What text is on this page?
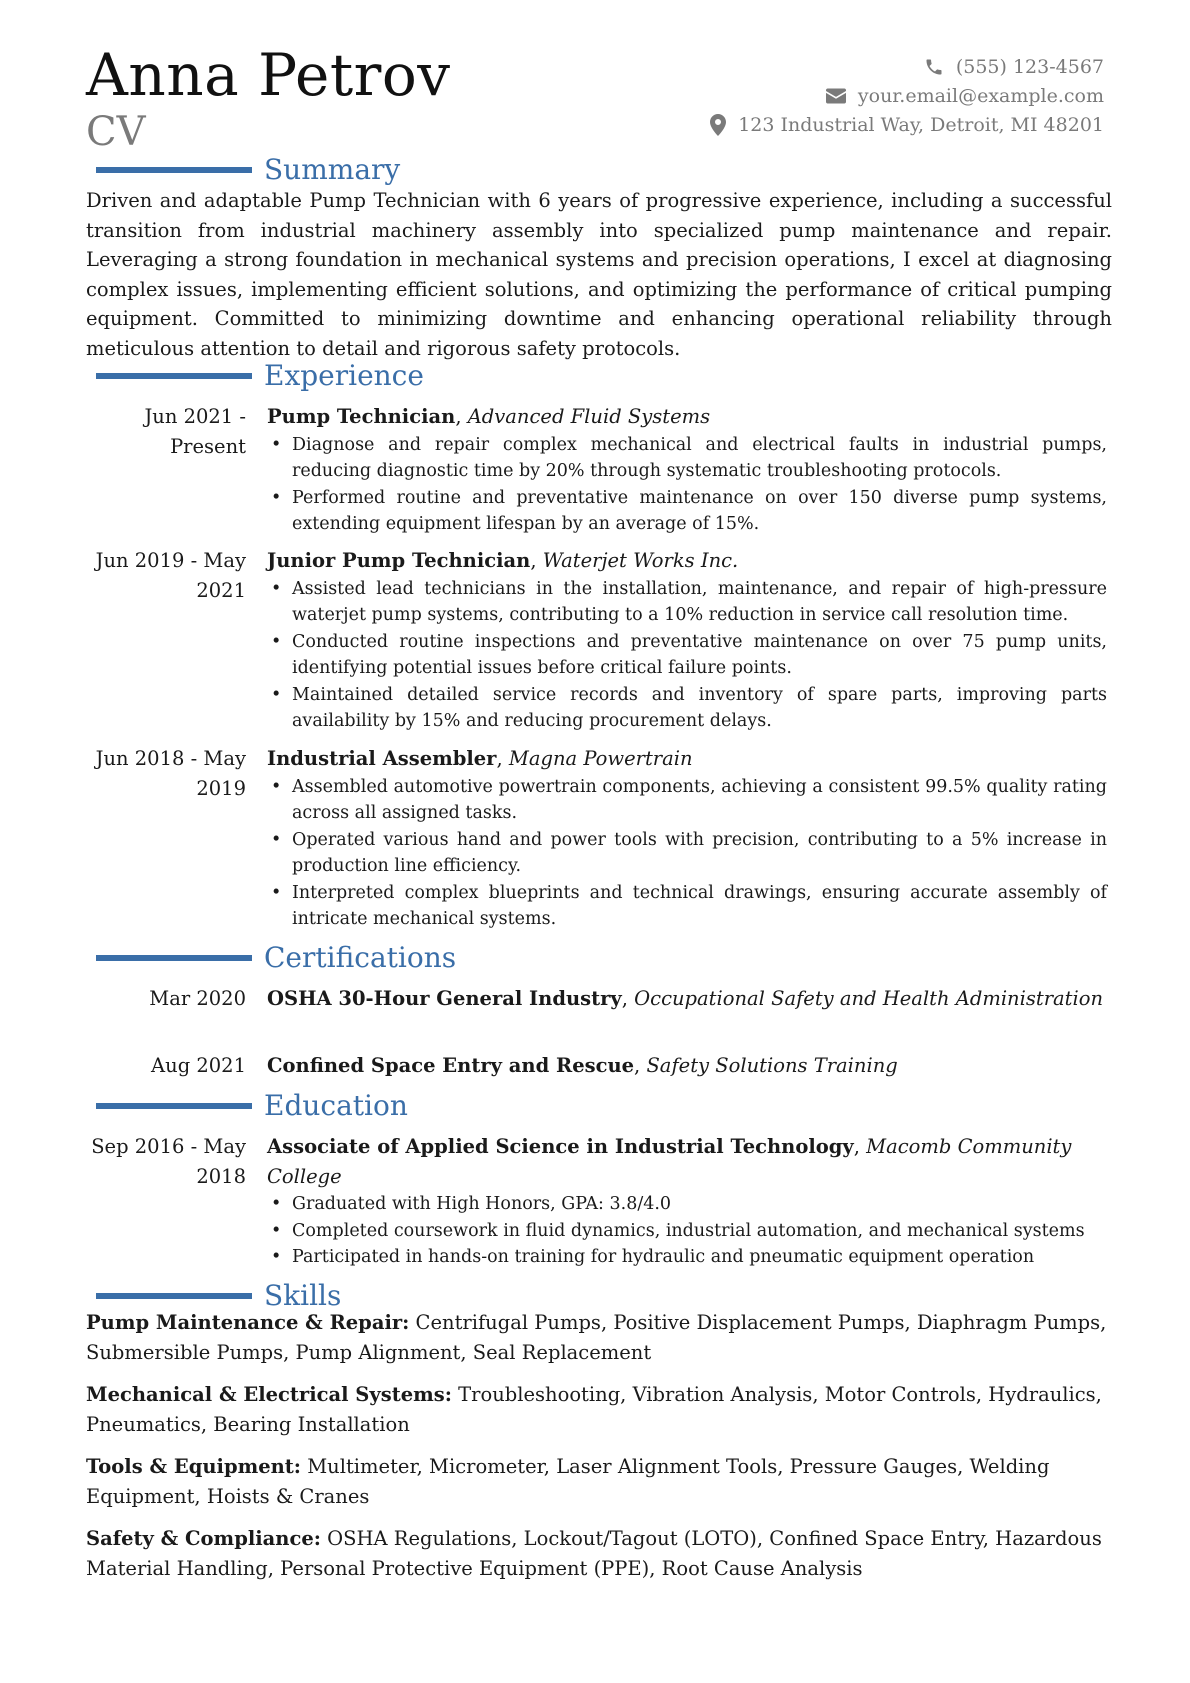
Anna Petrov
CV
(555) 123-4567
your.email@example.com
123 Industrial Way, Detroit, MI 48201
Summary
Driven and adaptable Pump Technician with 6 years of progressive experience, including a successful transition from industrial machinery assembly into specialized pump maintenance and repair. Leveraging a strong foundation in mechanical systems and precision operations, I excel at diagnosing complex issues, implementing efficient solutions, and optimizing the performance of critical pumping equipment. Committed to minimizing downtime and enhancing operational reliability through meticulous attention to detail and rigorous safety protocols.
Experience
Jun 2021 - Present
Pump Technician, Advanced Fluid Systems
• Diagnose and repair complex mechanical and electrical faults in industrial pumps, reducing diagnostic time by 20% through systematic troubleshooting protocols.
• Performed routine and preventative maintenance on over 150 diverse pump systems, extending equipment lifespan by an average of 15%.
Jun 2019 - May 2021
Junior Pump Technician, Waterjet Works Inc.
• Assisted lead technicians in the installation, maintenance, and repair of high-pressure waterjet pump systems, contributing to a 10% reduction in service call resolution time.
• Conducted routine inspections and preventative maintenance on over 75 pump units, identifying potential issues before critical failure points.
• Maintained detailed service records and inventory of spare parts, improving parts availability by 15% and reducing procurement delays.
Jun 2018 - May 2019
Industrial Assembler, Magna Powertrain
• Assembled automotive powertrain components, achieving a consistent 99.5% quality rating across all assigned tasks.
• Operated various hand and power tools with precision, contributing to a 5% increase in production line efficiency.
• Interpreted complex blueprints and technical drawings, ensuring accurate assembly of intricate mechanical systems.
Certifications
Mar 2020 OSHA 30-Hour General Industry, Occupational Safety and Health Administration
Aug 2021 Confined Space Entry and Rescue, Safety Solutions Training
Education
Sep 2016 - May 2018
Associate of Applied Science in Industrial Technology, Macomb Community College
• Graduated with High Honors, GPA: 3.8/4.0
• Completed coursework in fluid dynamics, industrial automation, and mechanical systems
• Participated in hands-on training for hydraulic and pneumatic equipment operation
Skills
Pump Maintenance & Repair: Centrifugal Pumps, Positive Displacement Pumps, Diaphragm Pumps, Submersible Pumps, Pump Alignment, Seal Replacement
Mechanical & Electrical Systems: Troubleshooting, Vibration Analysis, Motor Controls, Hydraulics, Pneumatics, Bearing Installation
Tools & Equipment: Multimeter, Micrometer, Laser Alignment Tools, Pressure Gauges, Welding Equipment, Hoists & Cranes
Safety & Compliance: OSHA Regulations, Lockout/Tagout (LOTO), Confined Space Entry, Hazardous Material Handling, Personal Protective Equipment (PPE), Root Cause Analysis
